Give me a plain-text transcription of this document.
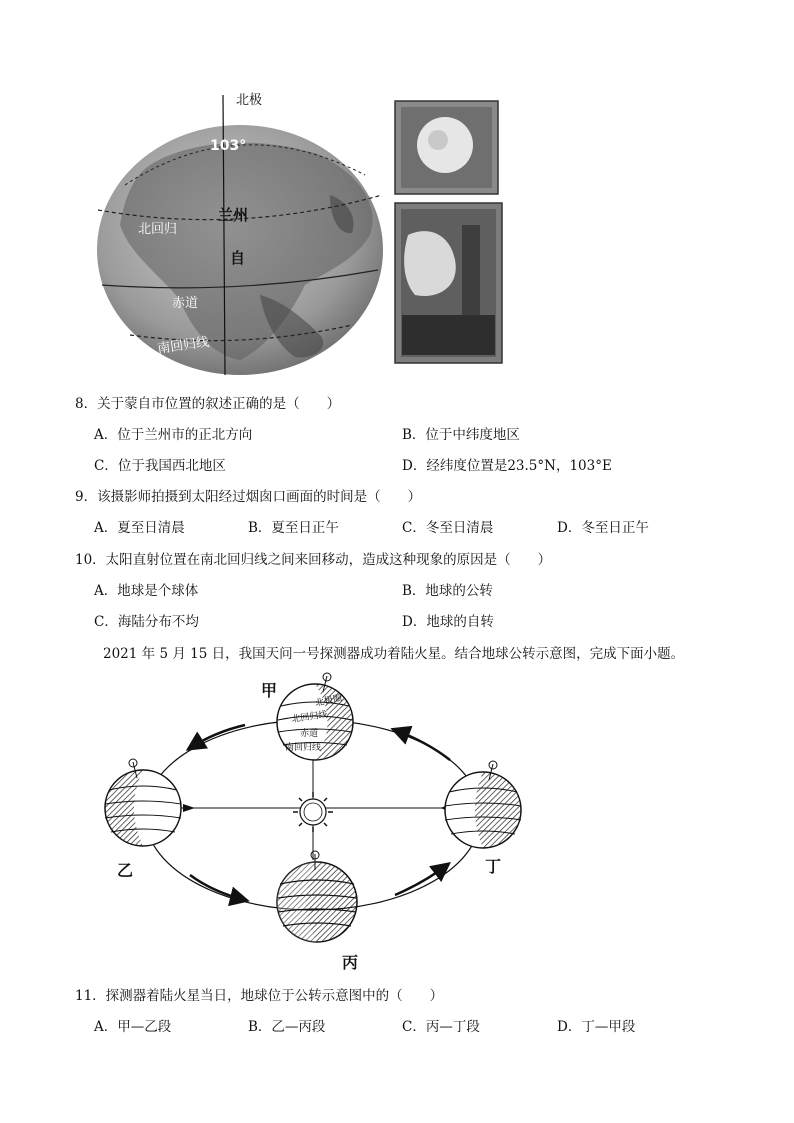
北极
103°
兰州
北回归
自
赤道
南回归线
8．关于蒙自市位置的叙述正确的是（　　）
A．位于兰州市的正北方向	B．位于中纬度地区
C．位于我国西北地区	D．经纬度位置是23.5°N，103°E
9．该摄影师拍摄到太阳经过烟囱口画面的时间是（　　）
A．夏至日清晨	B．夏至日正午	C．冬至日清晨	D．冬至日正午
10．太阳直射位置在南北回归线之间来回移动，造成这种现象的原因是（　　）
A．地球是个球体	B．地球的公转
C．海陆分布不均	D．地球的自转
2021 年 5 月 15 日，我国天问一号探测器成功着陆火星。结合地球公转示意图，完成下面小题。
北极圈
北回归线
赤道
南回归线
甲
乙
丙
丁
11．探测器着陆火星当日，地球位于公转示意图中的（　　）
A．甲—乙段	B．乙—丙段	C．丙—丁段	D．丁—甲段
